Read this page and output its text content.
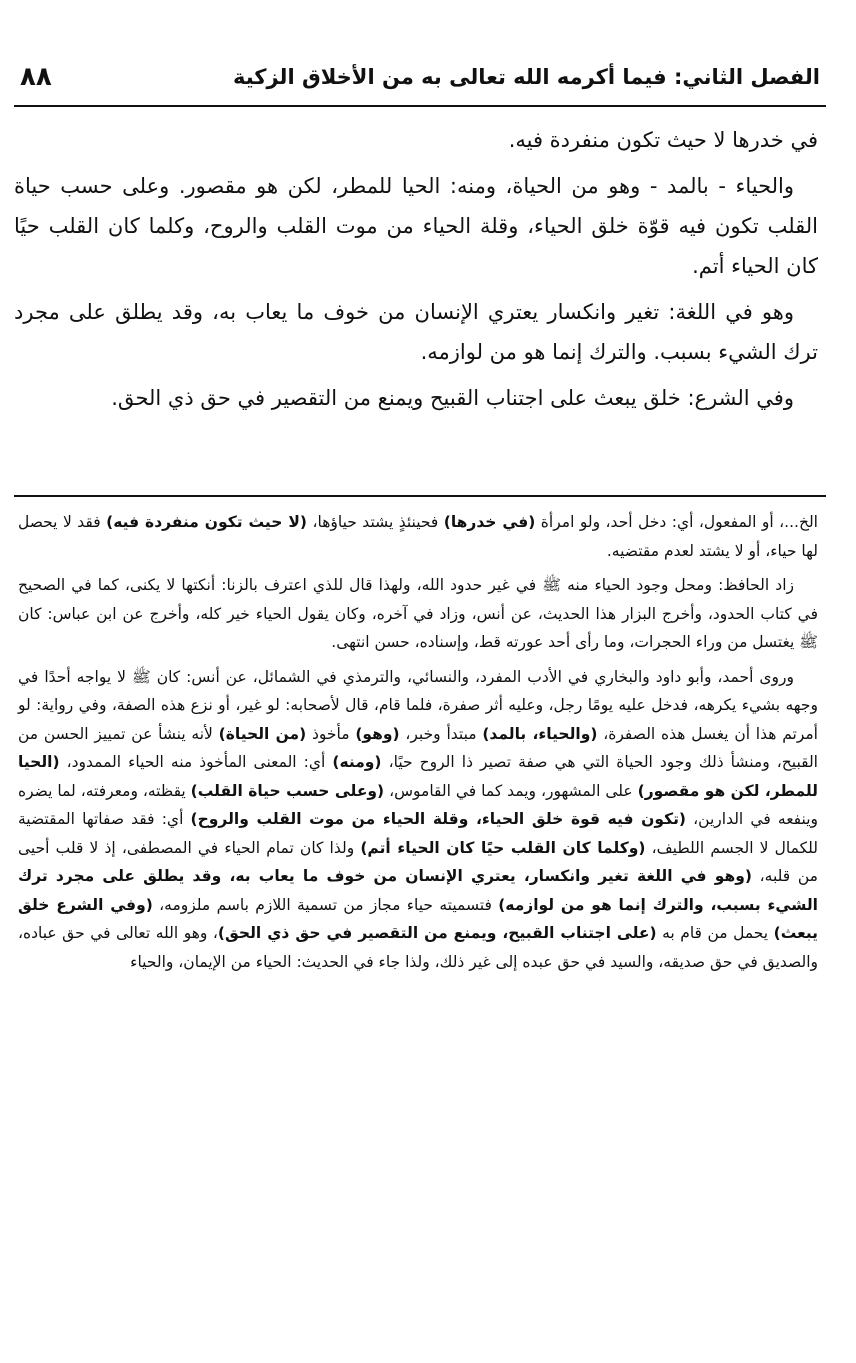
الفصل الثاني: فيما أكرمه الله تعالى به من الأخلاق الزكية
٨٨

في خدرها لا حيث تكون منفردة فيه.

والحياء - بالمد - وهو من الحياة، ومنه: الحيا للمطر، لكن هو مقصور. وعلى حسب حياة القلب تكون فيه قوّة خلق الحياء، وقلة الحياء من موت القلب والروح، وكلما كان القلب حيًا كان الحياء أتم.

وهو في اللغة: تغير وانكسار يعتري الإنسان من خوف ما يعاب به، وقد يطلق على مجرد ترك الشيء بسبب. والترك إنما هو من لوازمه.

وفي الشرع: خلق يبعث على اجتناب القبيح ويمنع من التقصير في حق ذي الحق.

الخ...، أو المفعول، أي: دخل أحد، ولو امرأة (في خدرها) فحينئذٍ يشتد حياؤها، (لا حيث تكون منفردة فيه) فقد لا يحصل لها حياء، أو لا يشتد لعدم مقتضيه.

زاد الحافظ: ومحل وجود الحياء منه ﷺ في غير حدود الله، ولهذا قال للذي اعترف بالزنا: أنكتها لا يكنى، كما في الصحيح في كتاب الحدود، وأخرج البزار هذا الحديث، عن أنس، وزاد في آخره، وكان يقول الحياء خير كله، وأخرج عن ابن عباس: كان ﷺ يغتسل من وراء الحجرات، وما رأى أحد عورته قط، وإسناده، حسن انتهى.

وروى أحمد، وأبو داود والبخاري في الأدب المفرد، والنسائي، والترمذي في الشمائل، عن أنس: كان ﷺ لا يواجه أحدًا في وجهه بشيء يكرهه، فدخل عليه يومًا رجل، وعليه أثر صفرة، فلما قام، قال لأصحابه: لو غير، أو نزع هذه الصفة، وفي رواية: لو أمرتم هذا أن يغسل هذه الصفرة، (والحياء، بالمد) مبتدأ وخبر، (وهو) مأخوذ (من الحياة) لأنه ينشأ عن تمييز الحسن من القبيح، ومنشأ ذلك وجود الحياة التي هي صفة تصير ذا الروح حيًا، (ومنه) أي: المعنى المأخوذ منه الحياء الممدود، (الحيا للمطر، لكن هو مقصور) على المشهور، ويمد كما في القاموس، (وعلى حسب حياة القلب) يقظته، ومعرفته، لما يضره وينفعه في الدارين، (تكون فيه قوة خلق الحياء، وقلة الحياء من موت القلب والروح) أي: فقد صفاتها المقتضية للكمال لا الجسم اللطيف، (وكلما كان القلب حيًا كان الحياء أتم) ولذا كان تمام الحياء في المصطفى، إذ لا قلب أحيى من قلبه، (وهو في اللغة تغير وانكسار، يعتري الإنسان من خوف ما يعاب به، وقد يطلق على مجرد ترك الشيء بسبب، والترك إنما هو من لوازمه) فتسميته حياء مجاز من تسمية اللازم باسم ملزومه، (وفي الشرع خلق يبعث) يحمل من قام به (على اجتناب القبيح، ويمنع من التقصير في حق ذي الحق)، وهو الله تعالى في حق عباده، والصديق في حق صديقه، والسيد في حق عبده إلى غير ذلك، ولذا جاء في الحديث: الحياء من الإيمان، والحياء
